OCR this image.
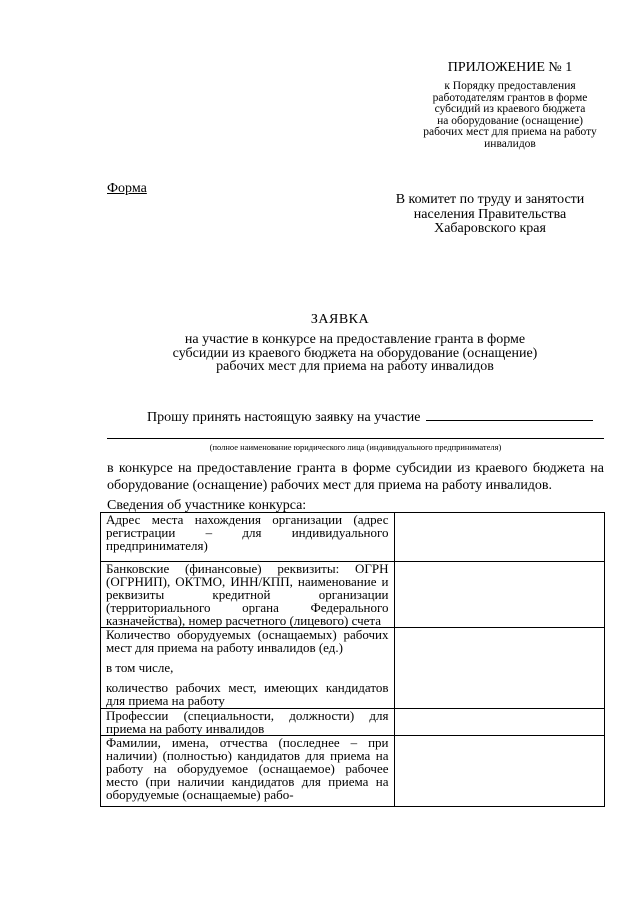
ПРИЛОЖЕНИЕ № 1
к Порядку предоставления
работодателям грантов в форме
субсидий из краевого бюджета
на оборудование (оснащение)
рабочих мест для приема на работу
инвалидов
Форма
В комитет по труду и занятости
населения Правительства
Хабаровского края
ЗАЯВКА
на участие в конкурсе на предоставление гранта в форме
субсидии из краевого бюджета на оборудование (оснащение)
рабочих мест для приема на работу инвалидов
Прошу принять настоящую заявку на участие
(полное наименование юридического лица (индивидуального предпринимателя)
в конкурсе на предоставление гранта в форме субсидии из краевого бюджета на оборудование (оснащение) рабочих мест для приема на работу инвалидов.
Сведения об участнике конкурса:

Адрес места нахождения организации (адрес регистрации – для индивидуального предпринимателя)	

Банковские (финансовые) реквизиты: ОГРН (ОГРНИП), ОКТМО, ИНН/КПП, наименование и реквизиты кредитной организации (территориального органа Федерального казначейства), номер расчетного (лицевого) счета	

Количество оборудуемых (оснащаемых) рабочих мест для приема на работу инвалидов (ед.)

в том числе,

количество рабочих мест, имеющих кандидатов для приема на работу	

Профессии (специальности, должности) для приема на работу инвалидов	

Фамилии, имена, отчества (последнее – при наличии) (полностью) кандидатов для приема на работу на оборудуемое (оснащаемое) рабочее место (при наличии кандидатов для приема на оборудуемые (оснащаемые) рабо-	
